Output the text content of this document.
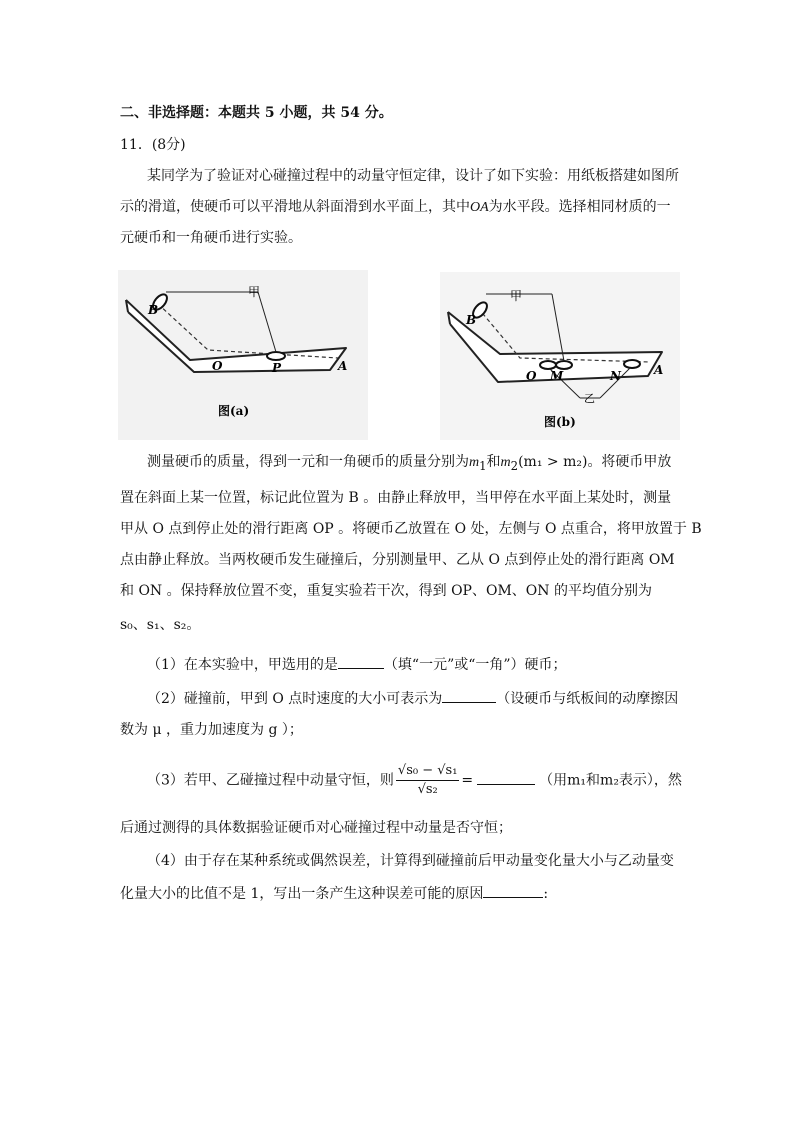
二、非选择题：本题共 5 小题，共 54 分。
11．(8分)
某同学为了验证对心碰撞过程中的动量守恒定律，设计了如下实验：用纸板搭建如图所
示的滑道，使硬币可以平滑地从斜面滑到水平面上，其中OA为水平段。选择相同材质的一
元硬币和一角硬币进行实验。
B
甲
O	P	A
图(a)
B
甲
O M	N	A
乙
图(b)
测量硬币的质量，得到一元和一角硬币的质量分别为$m_1$和$m_2(m_1 > m_2)$。将硬币甲放
置在斜面上某一位置，标记此位置为 B 。由静止释放甲，当甲停在水平面上某处时，测量
甲从 O 点到停止处的滑行距离 OP 。将硬币乙放置在 O 处，左侧与 O 点重合，将甲放置于 B
点由静止释放。当两枚硬币发生碰撞后，分别测量甲、乙从 O 点到停止处的滑行距离 OM
和 ON 。保持释放位置不变，重复实验若干次，得到 OP、OM、ON 的平均值分别为
s₀、s₁、s₂。
（1）在本实验中，甲选用的是	（填“一元”或“一角”）硬币；
（2）碰撞前，甲到 O 点时速度的大小可表示为	（设硬币与纸板间的动摩擦因
数为 μ ，重力加速度为 g ）；
（3）若甲、乙碰撞过程中动量守恒，则 $\frac{\text{√s₀ − √s₁}}{\text{√s₂}}$ =	（用m₁和m₂表示），然
后通过测得的具体数据验证硬币对心碰撞过程中动量是否守恒；
（4）由于存在某种系统或偶然误差，计算得到碰撞前后甲动量变化量大小与乙动量变
化量大小的比值不是 1，写出一条产生这种误差可能的原因	:
